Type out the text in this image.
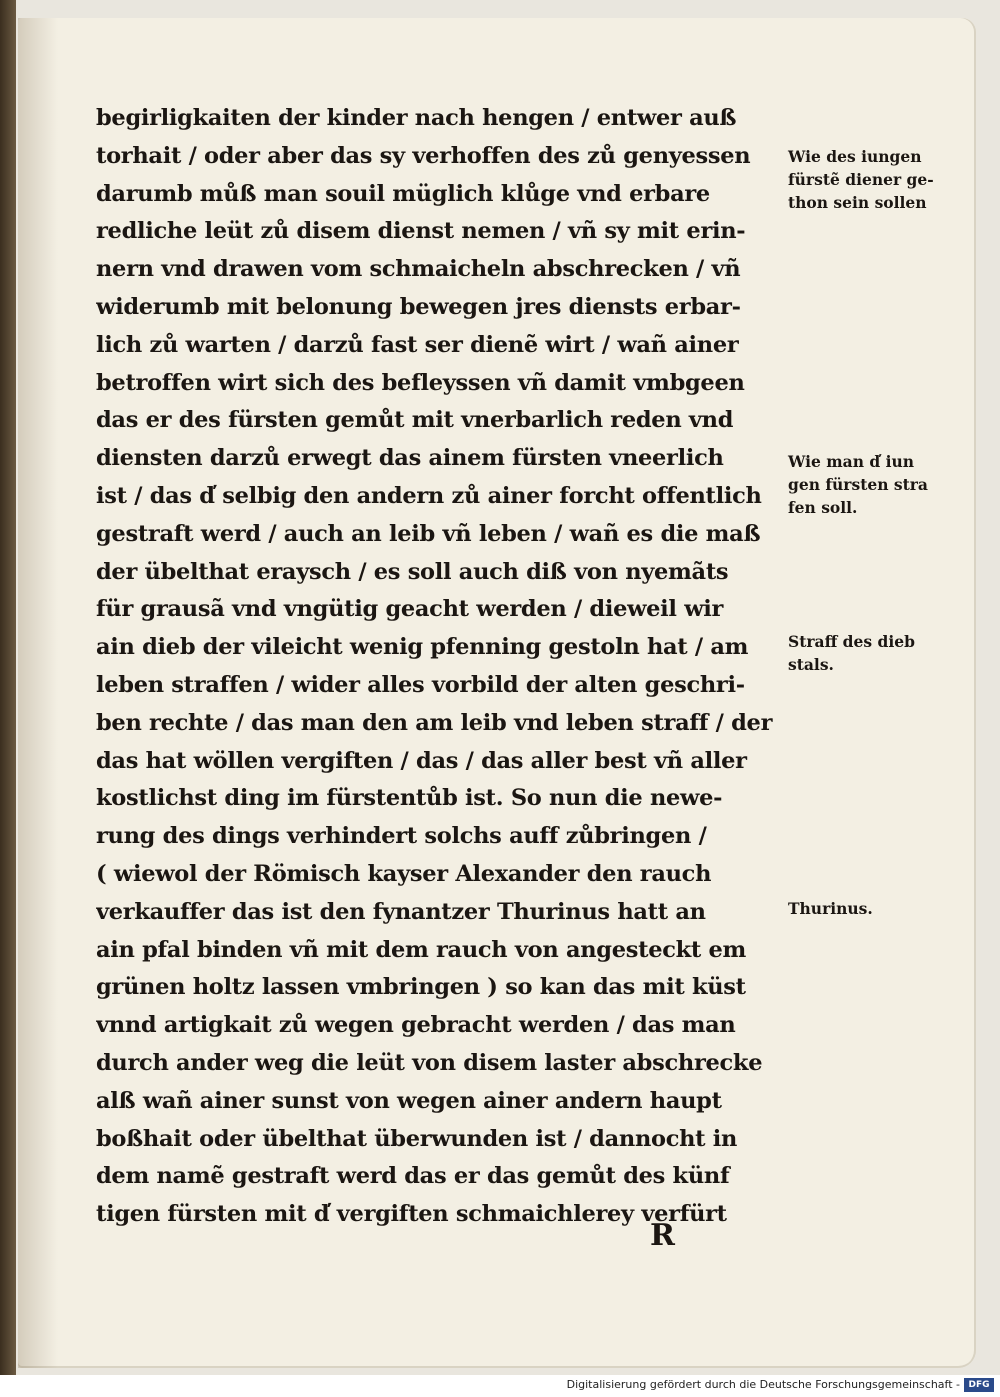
begirligkaiten der kinder nach hengen / entwer auß
torhait / oder aber das sy verhoffen des zů genyessen
darumb můß man souil müglich klůge vnd erbare
redliche leüt zů disem dienst nemen / vñ sy mit erin-
nern vnd drawen vom schmaicheln abschrecken / vñ
widerumb mit belonung bewegen jres diensts erbar-
lich zů warten / darzů fast ser dienẽ wirt / wañ ainer
betroffen wirt sich des befleyssen vñ damit vmbgeen
das er des fürsten gemůt mit vnerbarlich reden vnd
diensten darzů erwegt das ainem fürsten vneerlich
ist / das d̕ selbig den andern zů ainer forcht offentlich
gestraft werd / auch an leib vñ leben / wañ es die maß
der übelthat eraysch / es soll auch diß von nyemãts
für grausã vnd vngütig geacht werden / dieweil wir
ain dieb der vileicht wenig pfenning gestoln hat / am
leben straffen / wider alles vorbild der alten geschri-
ben rechte / das man den am leib vnd leben straff / der
das hat wöllen vergiften / das / das aller best vñ aller
kostlichst ding im fürstentůb ist. So nun die newe-
rung des dings verhindert solchs auff zůbringen /
( wiewol der Römisch kayser Alexander den rauch
verkauffer das ist den fynantzer Thurinus hatt an
ain pfal binden vñ mit dem rauch von angesteckt em
grünen holtz lassen vmbringen ) so kan das mit küst
vnnd artigkait zů wegen gebracht werden / das man
durch ander weg die leüt von disem laster abschrecke
alß wañ ainer sunst von wegen ainer andern haupt
boßhait oder übelthat überwunden ist / dannocht in
dem namẽ gestraft werd das er das gemůt des künf
tigen fürsten mit d̕ vergiften schmaichlerey verfürt
Wie des iungen
fürstẽ diener ge-
thon sein sollen
Wie man d̕ iun
gen fürsten stra
fen soll.
Straff des dieb
stals.
Thurinus.
R
Digitalisierung gefördert durch die Deutsche Forschungsgemeinschaft - DFG
